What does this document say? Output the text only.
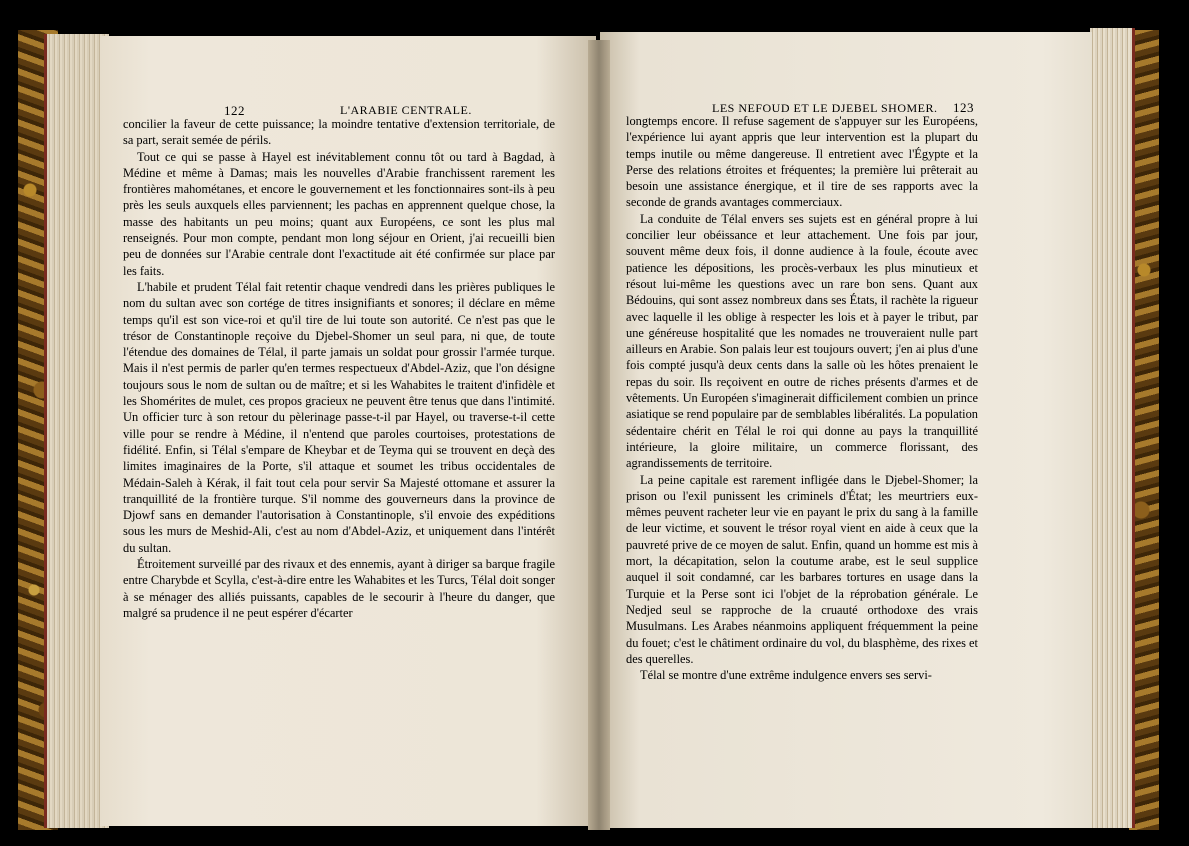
122	L'ARABIE CENTRALE.	LES NEFOUD ET LE DJEBEL SHOMER. 123

concilier la faveur de cette puissance; la moindre tentative d'extension territoriale, de sa part, serait semée de périls.

Tout ce qui se passe à Hayel est inévitablement connu tôt ou tard à Bagdad, à Médine et même à Damas; mais les nouvelles d'Arabie franchissent rarement les frontières mahométanes, et encore le gouvernement et les fonctionnaires sont-ils à peu près les seuls auxquels elles parviennent; les pachas en apprennent quelque chose, la masse des habitants un peu moins; quant aux Européens, ce sont les plus mal renseignés. Pour mon compte, pendant mon long séjour en Orient, j'ai recueilli bien peu de données sur l'Arabie centrale dont l'exactitude ait été confirmée sur place par les faits.

L'habile et prudent Télal fait retentir chaque vendredi dans les prières publiques le nom du sultan avec son cortége de titres insignifiants et sonores; il déclare en même temps qu'il est son vice-roi et qu'il tire de lui toute son autorité. Ce n'est pas que le trésor de Constantinople reçoive du Djebel-Shomer un seul para, ni que, de toute l'étendue des domaines de Télal, il parte jamais un soldat pour grossir l'armée turque. Mais il n'est permis de parler qu'en termes respectueux d'Abdel-Aziz, que l'on désigne toujours sous le nom de sultan ou de maître; et si les Wahabites le traitent d'infidèle et les Shomérites de mulet, ces propos gracieux ne peuvent être tenus que dans l'intimité. Un officier turc à son retour du pèlerinage passe-t-il par Hayel, ou traverse-t-il cette ville pour se rendre à Médine, il n'entend que paroles courtoises, protestations de fidélité. Enfin, si Télal s'empare de Kheybar et de Teyma qui se trouvent en deçà des limites imaginaires de la Porte, s'il attaque et soumet les tribus occidentales de Médain-Saleh à Kérak, il fait tout cela pour servir Sa Majesté ottomane et assurer la tranquillité de la frontière turque. S'il nomme des gouverneurs dans la province de Djowf sans en demander l'autorisation à Constantinople, s'il envoie des expéditions sous les murs de Meshid-Ali, c'est au nom d'Abdel-Aziz, et uniquement dans l'intérêt du sultan.

Étroitement surveillé par des rivaux et des ennemis, ayant à diriger sa barque fragile entre Charybde et Scylla, c'est-à-dire entre les Wahabites et les Turcs, Télal doit songer à se ménager des alliés puissants, capables de le secourir à l'heure du danger, que malgré sa prudence il ne peut espérer d'écarter

longtemps encore. Il refuse sagement de s'appuyer sur les Européens, l'expérience lui ayant appris que leur intervention est la plupart du temps inutile ou même dangereuse. Il entretient avec l'Égypte et la Perse des relations étroites et fréquentes; la première lui prêterait au besoin une assistance énergique, et il tire de ses rapports avec la seconde de grands avantages commerciaux.

La conduite de Télal envers ses sujets est en général propre à lui concilier leur obéissance et leur attachement. Une fois par jour, souvent même deux fois, il donne audience à la foule, écoute avec patience les dépositions, les procès-verbaux les plus minutieux et résout lui-même les questions avec un rare bon sens. Quant aux Bédouins, qui sont assez nombreux dans ses États, il rachète la rigueur avec laquelle il les oblige à respecter les lois et à payer le tribut, par une généreuse hospitalité que les nomades ne trouveraient nulle part ailleurs en Arabie. Son palais leur est toujours ouvert; j'en ai plus d'une fois compté jusqu'à deux cents dans la salle où les hôtes prenaient le repas du soir. Ils reçoivent en outre de riches présents d'armes et de vêtements. Un Européen s'imaginerait difficilement combien un prince asiatique se rend populaire par de semblables libéralités. La population sédentaire chérit en Télal le roi qui donne au pays la tranquillité intérieure, la gloire militaire, un commerce florissant, des agrandissements de territoire.

La peine capitale est rarement infligée dans le Djebel-Shomer; la prison ou l'exil punissent les criminels d'État; les meurtriers eux-mêmes peuvent racheter leur vie en payant le prix du sang à la famille de leur victime, et souvent le trésor royal vient en aide à ceux que la pauvreté prive de ce moyen de salut. Enfin, quand un homme est mis à mort, la décapitation, selon la coutume arabe, est le seul supplice auquel il soit condamné, car les barbares tortures en usage dans la Turquie et la Perse sont ici l'objet de la réprobation générale. Le Nedjed seul se rapproche de la cruauté orthodoxe des vrais Musulmans. Les Arabes néanmoins appliquent fréquemment la peine du fouet; c'est le châtiment ordinaire du vol, du blasphème, des rixes et des querelles.

Télal se montre d'une extrême indulgence envers ses servi-
